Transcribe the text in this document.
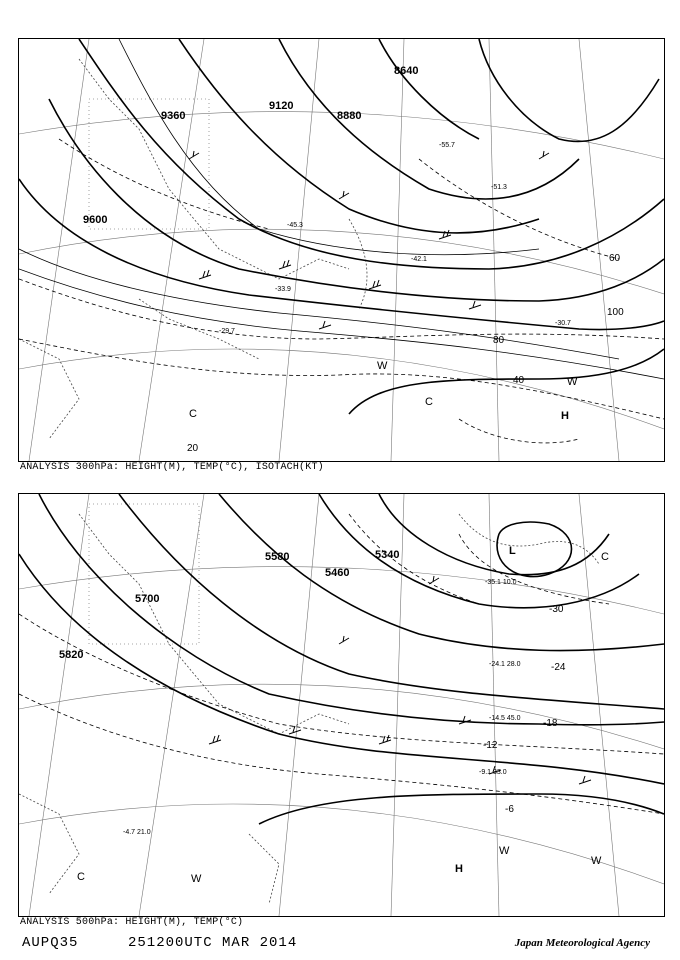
9600
9360
9120
8880
8640
20
40
60
80
100
-29.7
-30.7
-33.9
-42.1
-45.3
-51.3
-55.7
C
C
H
W
W
ANALYSIS 300hPa: HEIGHT(M), TEMP(°C), ISOTACH(KT)
5820
5700
5580
5460
5340
-6
-12
-18
-24
-30
-4.7 21.0
-9.1 33.0
-14.5 45.0
-24.1 28.0
-35.1 10.0
L	C
C
H
W
W
W
ANALYSIS 500hPa: HEIGHT(M), TEMP(°C)
AUPQ35	251200UTC MAR 2014	Japan Meteorological Agency
